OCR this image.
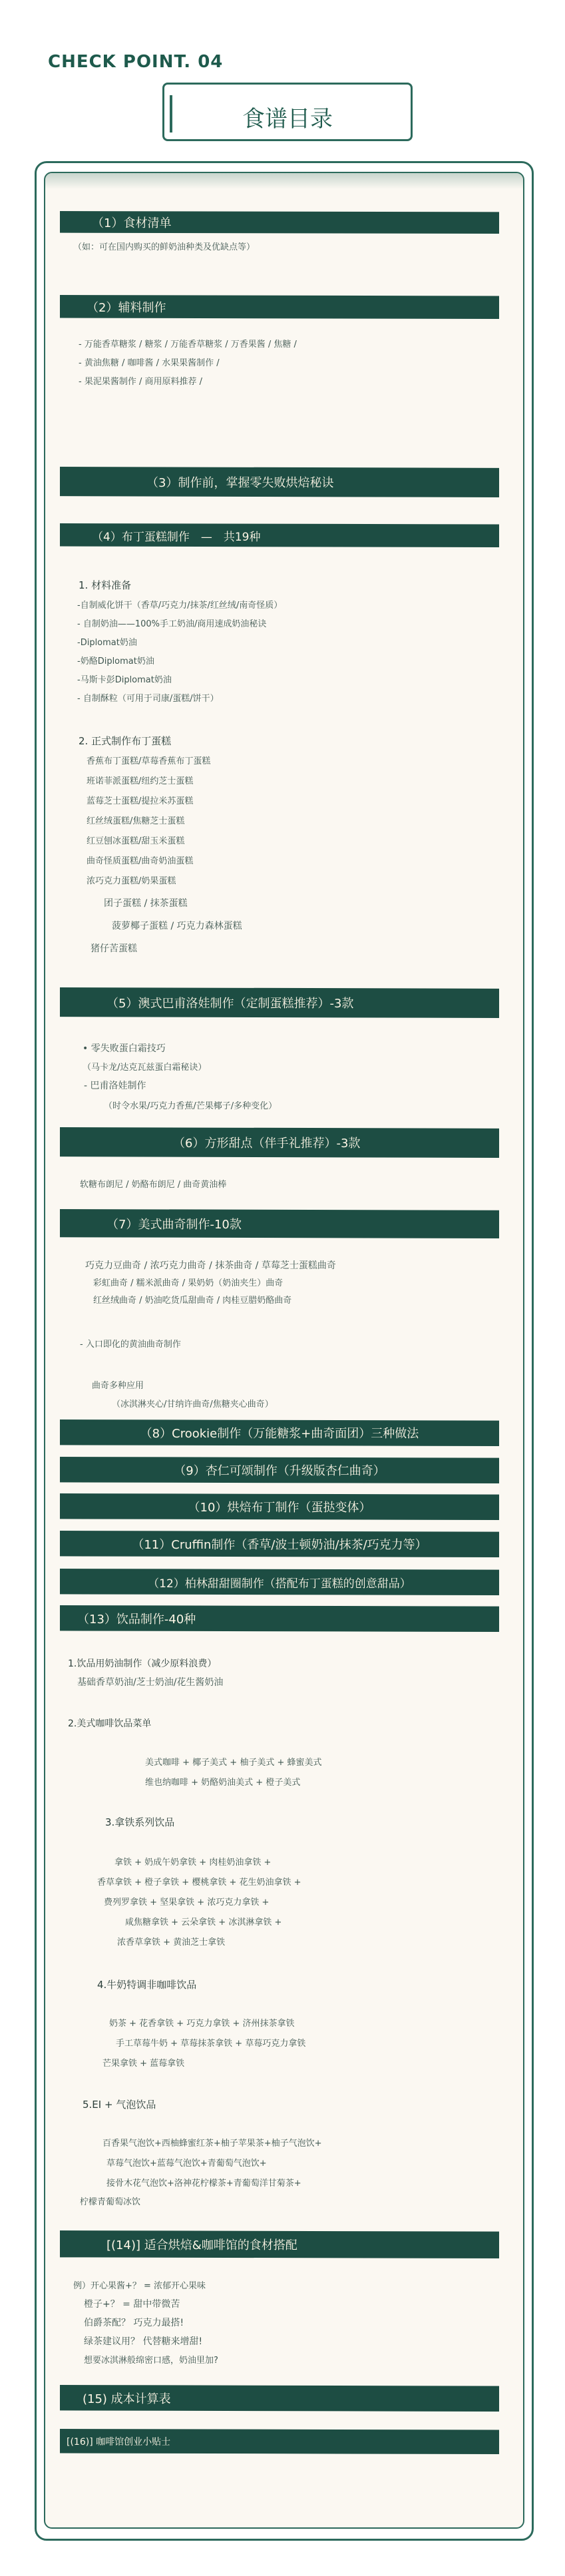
CHECK POINT. 04
食谱目录
（1）食材清单
（如：可在国内购买的鲜奶油种类及优缺点等）
（2）辅料制作
- 万能香草糖浆 / 糖浆 / 万能香草糖浆 / 万香果酱 / 焦糖 /
- 黄油焦糖 / 咖啡酱 / 水果果酱制作 /
- 果泥果酱制作 / 商用原料推荐 /
（3）制作前，掌握零失败烘焙秘诀
（4）布丁蛋糕制作　—　共19种
1. 材料准备
-自制威化饼干（香草/巧克力/抹茶/红丝绒/南奇怪质）
- 自制奶油——100%手工奶油/商用速成奶油秘诀
-Diplomat奶油
-奶酪Diplomat奶油
-马斯卡彭Diplomat奶油
- 自制酥粒（可用于司康/蛋糕/饼干）
2. 正式制作布丁蛋糕
香蕉布丁蛋糕/草莓香蕉布丁蛋糕
班诺菲派蛋糕/纽约芝士蛋糕
蓝莓芝士蛋糕/提拉米苏蛋糕
红丝绒蛋糕/焦糖芝士蛋糕
红豆刨冰蛋糕/甜玉米蛋糕
曲奇怪质蛋糕/曲奇奶油蛋糕
浓巧克力蛋糕/奶果蛋糕
团子蛋糕 / 抹茶蛋糕
菠萝椰子蛋糕 / 巧克力森林蛋糕
猪仔苦蛋糕
（5）澳式巴甫洛娃制作（定制蛋糕推荐）-3款
• 零失败蛋白霜技巧
（马卡龙/达克瓦兹蛋白霜秘诀）
- 巴甫洛娃制作
（时令水果/巧克力香蕉/芒果椰子/多种变化）
（6）方形甜点（伴手礼推荐）-3款
软糖布朗尼 / 奶酪布朗尼 / 曲奇黄油棒
（7）美式曲奇制作-10款
巧克力豆曲奇 / 浓巧克力曲奇 / 抹茶曲奇 / 草莓芝士蛋糕曲奇
彩虹曲奇 / 糯米派曲奇 / 果奶奶（奶油夹生）曲奇
红丝绒曲奇 / 奶油吃货瓜甜曲奇 / 肉桂豆腊奶酪曲奇
- 入口即化的黄油曲奇制作
曲奇多种应用
（冰淇淋夹心/甘纳许曲奇/焦糖夹心曲奇）
（8）Crookie制作（万能糖浆+曲奇面团）三种做法
（9）杏仁可颂制作（升级版杏仁曲奇）
（10）烘焙布丁制作（蛋挞变体）
（11）Cruffin制作（香草/波士顿奶油/抹茶/巧克力等）
（12）柏林甜甜圈制作（搭配布丁蛋糕的创意甜品）
（13）饮品制作-40种
1.饮品用奶油制作（减少原料浪费）
基础香草奶油/芝士奶油/花生酱奶油
2.美式咖啡饮品菜单
美式咖啡 + 椰子美式 + 柚子美式 + 蜂蜜美式
维也纳咖啡 + 奶酪奶油美式 + 橙子美式
3.拿铁系列饮品
拿铁 + 奶成午奶拿铁 + 肉桂奶油拿铁 +
香草拿铁 + 橙子拿铁 + 樱桃拿铁 + 花生奶油拿铁 +
费列罗拿铁 + 坚果拿铁 + 浓巧克力拿铁 +
咸焦糖拿铁 + 云朵拿铁 + 冰淇淋拿铁 +
浓香草拿铁 + 黄油芝士拿铁
4.牛奶特调非咖啡饮品
奶茶 + 花香拿铁 + 巧克力拿铁 + 济州抹茶拿铁
手工草莓牛奶 + 草莓抹茶拿铁 + 草莓巧克力拿铁
芒果拿铁 + 蓝莓拿铁
5.EI + 气泡饮品
百香果气泡饮+西柚蜂蜜红茶+柚子苹果茶+柚子气泡饮+
草莓气泡饮+蓝莓气泡饮+青葡萄气泡饮+
接骨木花气泡饮+洛神花柠檬茶+青葡萄洋甘菊茶+
柠檬青葡萄冰饮
[(14)] 适合烘焙&咖啡馆的食材搭配
例）开心果酱+？ = 浓郁开心果味
橙子+？ = 甜中带微苦
伯爵茶配？ 巧克力最搭!
绿茶建议用？ 代替糖来增甜!
想要冰淇淋般绵密口感，奶油里加?
(15) 成本计算表
[(16)] 咖啡馆创业小贴士
